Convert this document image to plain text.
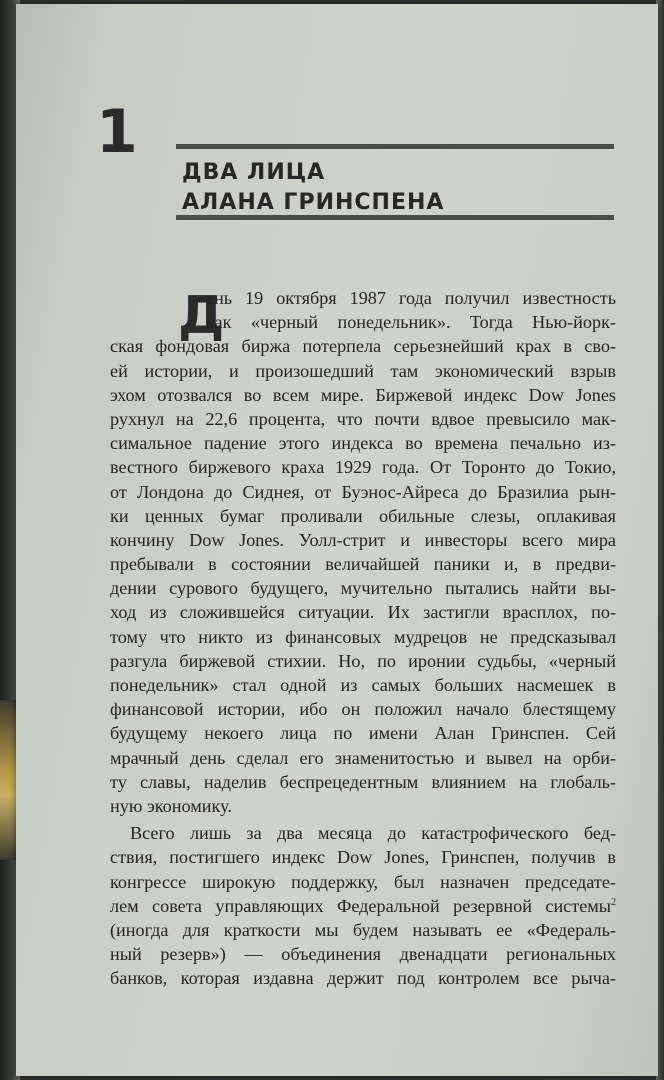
1
ДВА ЛИЦА
АЛАНА ГРИНСПЕНА
Д
ень 19 октября 1987 года получил известность
как «черный понедельник». Тогда Нью-йорк-
ская фондовая биржа потерпела серьезнейший крах в сво-
ей истории, и произошедший там экономический взрыв
эхом отозвался во всем мире. Биржевой индекс Dow Jones
рухнул на 22,6 процента, что почти вдвое превысило мак-
симальное падение этого индекса во времена печально из-
вестного биржевого краха 1929 года. От Торонто до Токио,
от Лондона до Сиднея, от Буэнос-Айреса до Бразилиа рын-
ки ценных бумаг проливали обильные слезы, оплакивая
кончину Dow Jones. Уолл-стрит и инвесторы всего мира
пребывали в состоянии величайшей паники и, в предви-
дении сурового будущего, мучительно пытались найти вы-
ход из сложившейся ситуации. Их застигли врасплох, по-
тому что никто из финансовых мудрецов не предсказывал
разгула биржевой стихии. Но, по иронии судьбы, «черный
понедельник» стал одной из самых больших насмешек в
финансовой истории, ибо он положил начало блестящему
будущему некоего лица по имени Алан Гринспен. Сей
мрачный день сделал его знаменитостью и вывел на орби-
ту славы, наделив беспрецедентным влиянием на глобаль-
ную экономику.
Всего лишь за два месяца до катастрофического бед-
ствия, постигшего индекс Dow Jones, Гринспен, получив в
конгрессе широкую поддержку, был назначен председате-
лем совета управляющих Федеральной резервной системы$^2$
(иногда для краткости мы будем называть ее «Федераль-
ный резерв») — объединения двенадцати региональных
банков, которая издавна держит под контролем все рыча-
